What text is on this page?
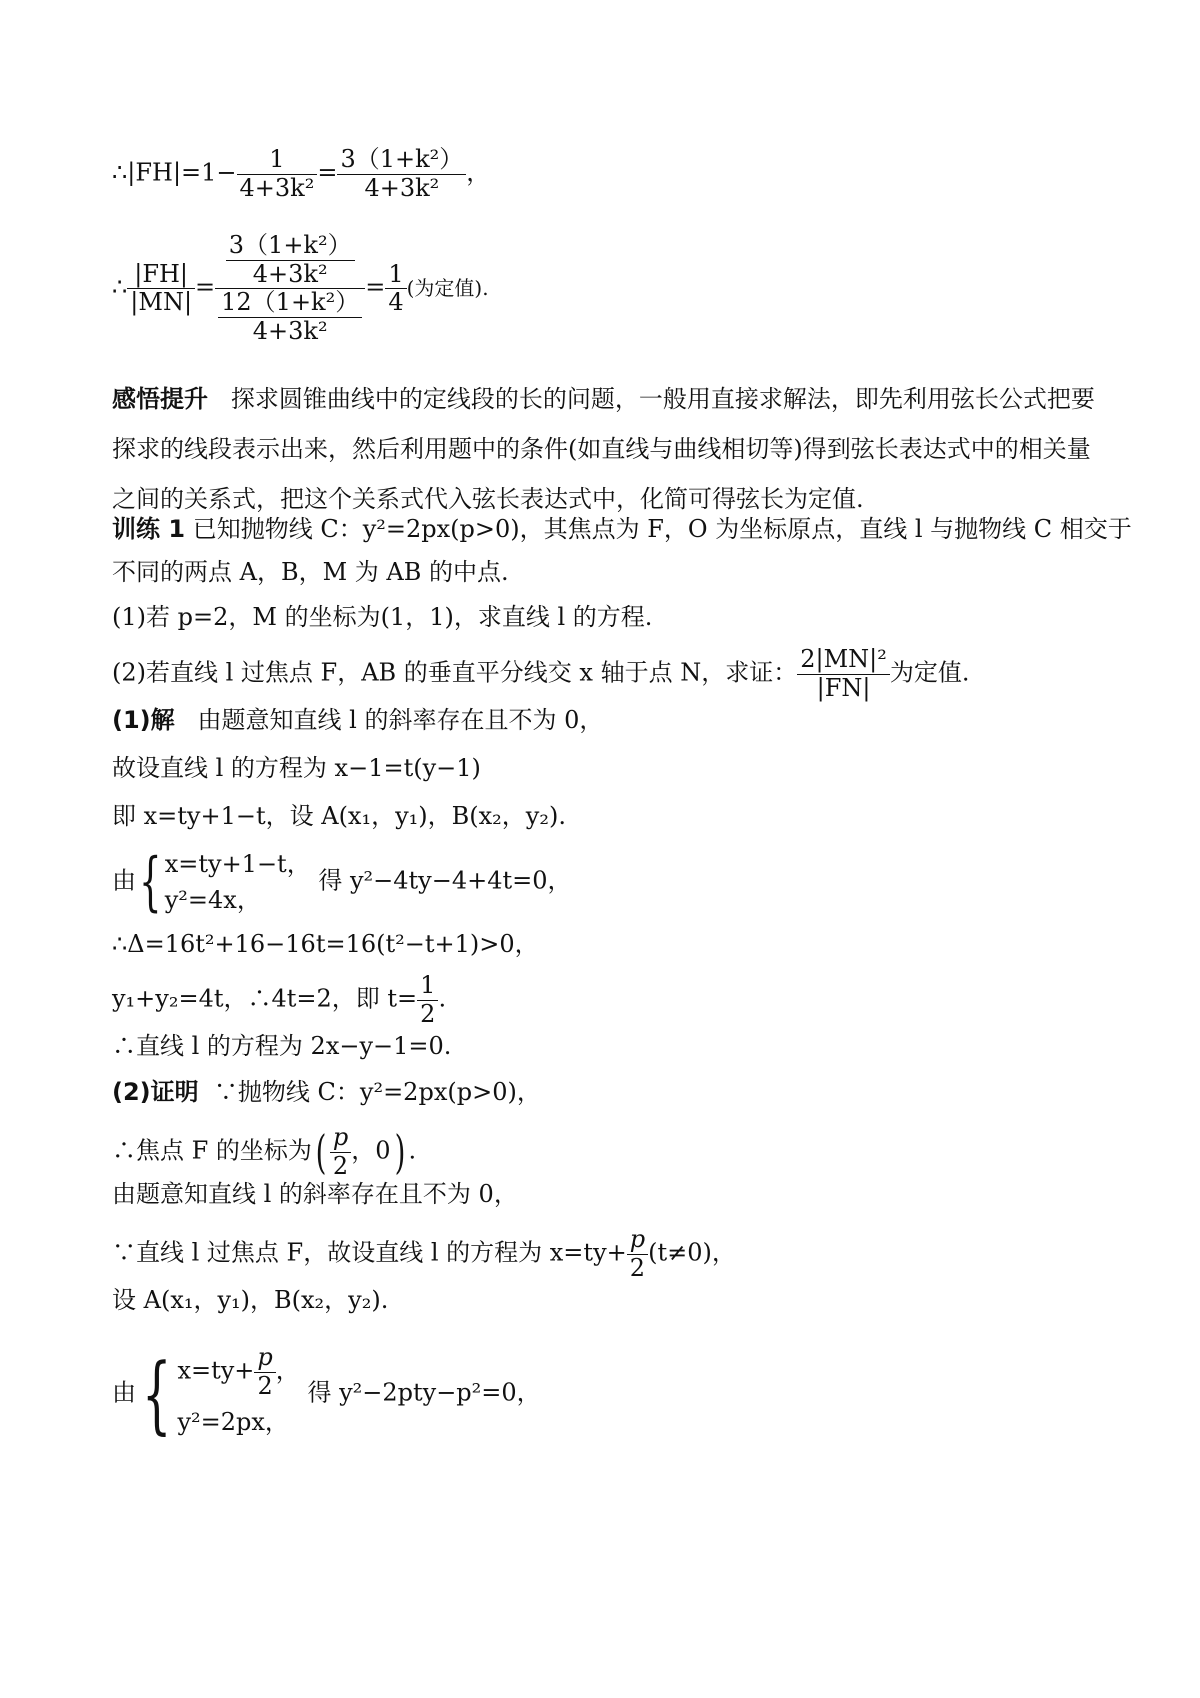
∴|FH|=1− $\frac{1}{\text{4+3k²}} = \frac{\text{3（1+k²）}}{\text{4+3k²}}$ ，
∴ $\frac{|FH|}{|MN|} = \frac{\frac{\text{3（1+k²）}}{\text{4+3k²}}}{\frac{\text{12（1+k²）}}{\text{4+3k²}}} = \frac{1}{4}$ (为定值).
感悟提升 探求圆锥曲线中的定线段的长的问题，一般用直接求解法，即先利用弦长公式把要探求的线段表示出来，然后利用题中的条件(如直线与曲线相切等)得到弦长表达式中的相关量之间的关系式，把这个关系式代入弦长表达式中，化简可得弦长为定值.
训练 1 已知抛物线 C：y²=2px(p>0)，其焦点为 F，O 为坐标原点，直线 l 与抛物线 C 相交于
不同的两点 A，B，M 为 AB 的中点.
(1)若 p=2，M 的坐标为(1，1)，求直线 l 的方程.
(2)若直线 l 过焦点 F，AB 的垂直平分线交 x 轴于点 N，求证： $\frac{\text{2|MN|²}}{|FN|}$ 为定值.
(1)解 由题意知直线 l 的斜率存在且不为 0，
故设直线 l 的方程为 x−1=t(y−1)
即 x=ty+1−t，设 A(x₁，y₁)，B(x₂，y₂).
由{ x=ty+1−t，
y²=4x，
得 y²−4ty−4+4t=0，
∴Δ=16t²+16−16t=16(t²−t+1)>0，
y₁+y₂=4t，∴4t=2，即 $t= \frac{1}{2}$ .
∴直线 l 的方程为 2x−y−1=0.
(2)证明 ∵抛物线 C：y²=2px(p>0)，
∴焦点 F 的坐标为( $\frac{p}{2}$ ，0) .
由题意知直线 l 的斜率存在且不为 0，
∵直线 l 过焦点 F，故设直线 l 的方程为 $x=ty+ \frac{p}{2} (t\ne 0)$，
设 A(x₁，y₁)，B(x₂，y₂).
由{ $x=ty+ \frac{p}{2}$ ，
y²=2px，
得 y²−2pty−p²=0，
